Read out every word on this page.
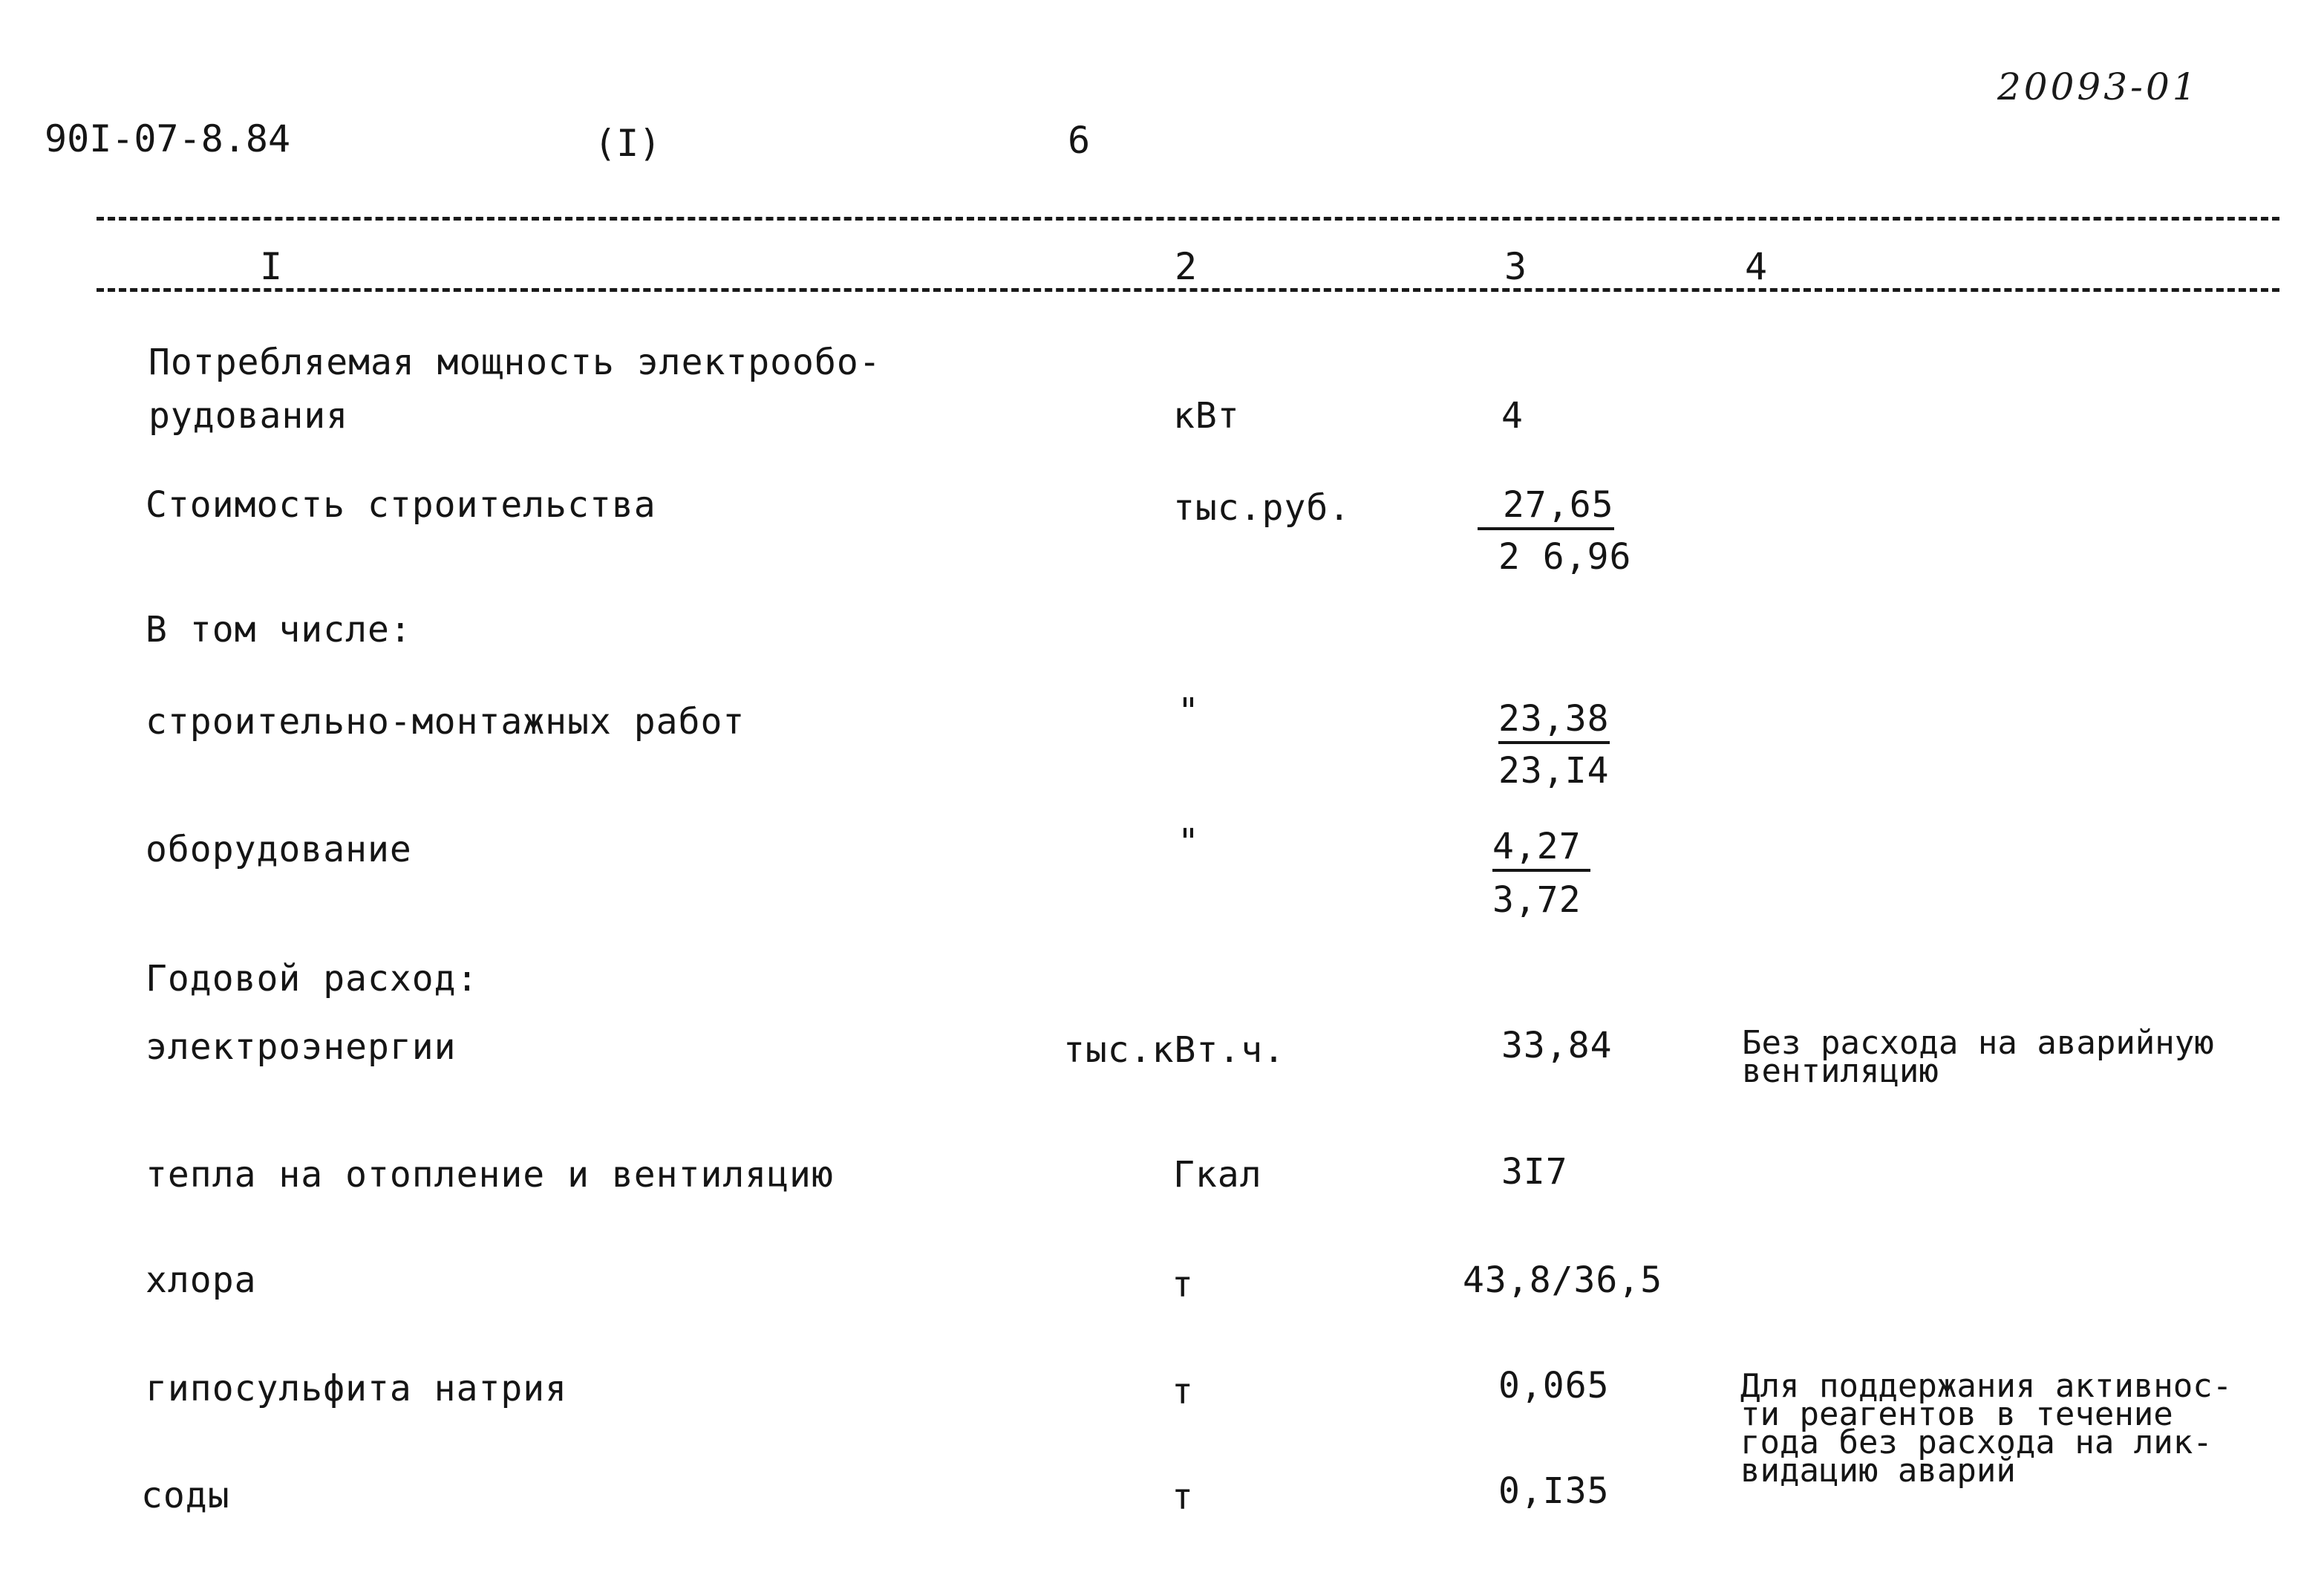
90I-07-8.84	(I)	6
20093-01
I	2	3	4
Потребляемая мощность электрообо-
рудования	кВт	4
Стоимость строительства	тыс.руб.	27,65
2 6,96
В том числе:
строительно-монтажных работ	"	23,38
23,I4
оборудование	"	4,27
3,72
Годовой расход:
электроэнергии	тыс.кВт.ч.	33,84	Без расхода на аварийную
вентиляцию
тепла на отопление и вентиляцию	Гкал	3I7
хлора	т	43,8/36,5
гипосульфита натрия	т	0,065	Для поддержания активнос-
ти реагентов в течение
года без расхода на лик-
видацию аварий
соды	т	0,I35
